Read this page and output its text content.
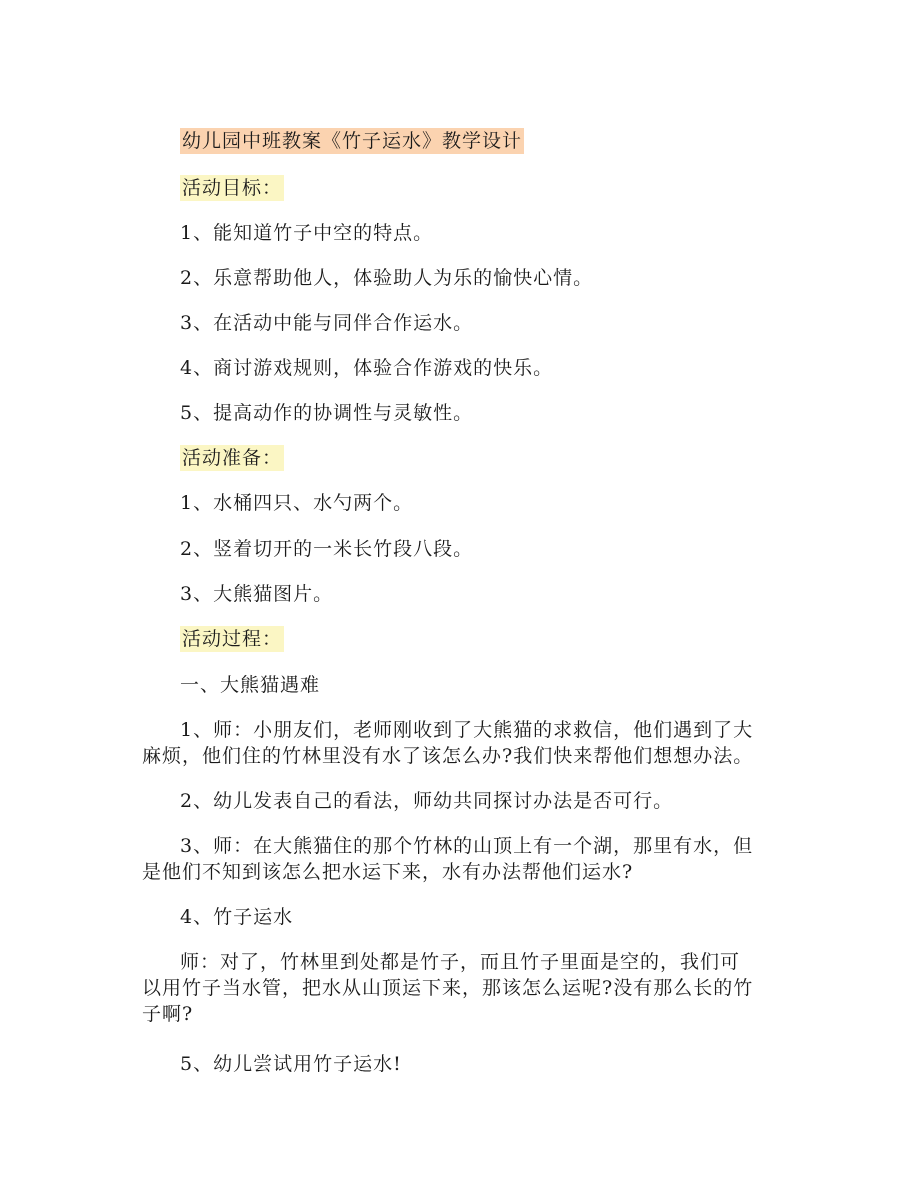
幼儿园中班教案《竹子运水》教学设计
活动目标：
1、能知道竹子中空的特点。
2、乐意帮助他人，体验助人为乐的愉快心情。
3、在活动中能与同伴合作运水。
4、商讨游戏规则，体验合作游戏的快乐。
5、提高动作的协调性与灵敏性。
活动准备：
1、水桶四只、水勺两个。
2、竖着切开的一米长竹段八段。
3、大熊猫图片。
活动过程：
一、大熊猫遇难
1、师：小朋友们，老师刚收到了大熊猫的求救信，他们遇到了大
麻烦，他们住的竹林里没有水了该怎么办?我们快来帮他们想想办法。
2、幼儿发表自己的看法，师幼共同探讨办法是否可行。
3、师：在大熊猫住的那个竹林的山顶上有一个湖，那里有水，但
是他们不知到该怎么把水运下来，水有办法帮他们运水?
4、竹子运水
师：对了，竹林里到处都是竹子，而且竹子里面是空的，我们可
以用竹子当水管，把水从山顶运下来，那该怎么运呢?没有那么长的竹
子啊?
5、幼儿尝试用竹子运水!
